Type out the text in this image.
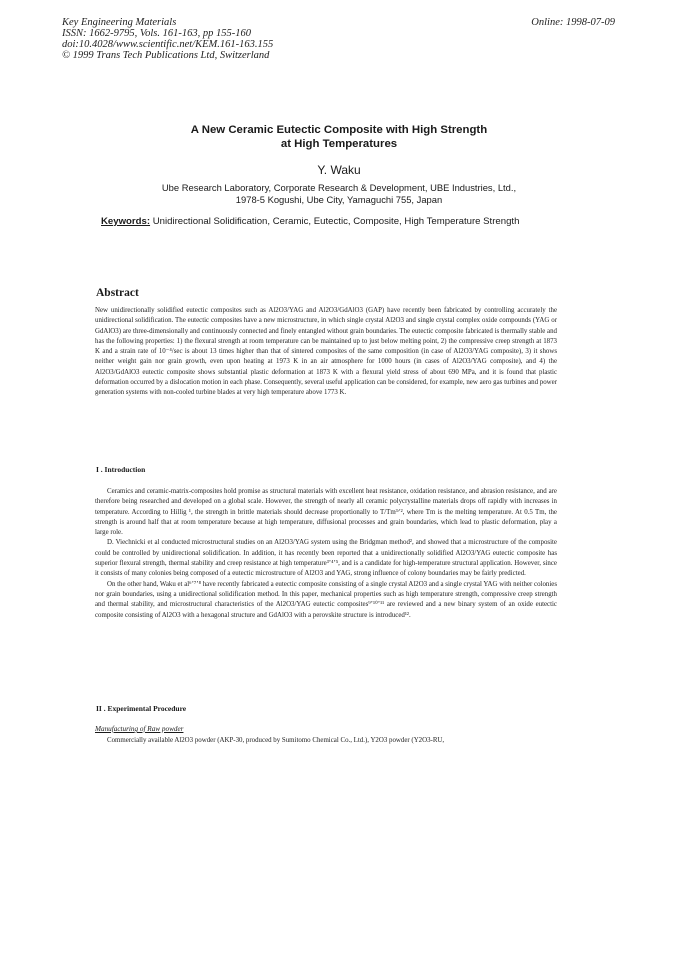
Key Engineering Materials
ISSN: 1662-9795, Vols. 161-163, pp 155-160
doi:10.4028/www.scientific.net/KEM.161-163.155
© 1999 Trans Tech Publications Ltd, Switzerland
Online: 1998-07-09
A New Ceramic Eutectic Composite with High Strength
at High Temperatures
Y. Waku
Ube Research Laboratory, Corporate Research & Development, UBE Industries, Ltd.,
1978-5 Kogushi, Ube City, Yamaguchi 755, Japan
Keywords: Unidirectional Solidification, Ceramic, Eutectic, Composite, High Temperature Strength
Abstract

New unidirectionally solidified eutectic composites such as Al2O3/YAG and Al2O3/GdAlO3 (GAP) have recently been fabricated by controlling accurately the unidirectional solidification. The eutectic composites have a new microstructure, in which single crystal Al2O3 and single crystal complex oxide compounds (YAG or GdAlO3) are three-dimensionally and continuously connected and finely entangled without grain boundaries. The eutectic composite fabricated is thermally stable and has the following properties: 1) the flexural strength at room temperature can be maintained up to just below melting point, 2) the compressive creep strength at 1873 K and a strain rate of 10⁻⁴/sec is about 13 times higher than that of sintered composites of the same composition (in case of Al2O3/YAG composite), 3) it shows neither weight gain nor grain growth, even upon heating at 1973 K in an air atmosphere for 1000 hours (in cases of Al2O3/YAG composite), and 4) the Al2O3/GdAlO3 eutectic composite shows substantial plastic deformation at 1873 K with a flexural yield stress of about 690 MPa, and it is found that plastic deformation occurred by a dislocation motion in each phase. Consequently, several useful application can be considered, for example, new aero gas turbines and power generation systems with non-cooled turbine blades at very high temperature above 1773 K.

I . Introduction

Ceramics and ceramic-matrix-composites hold promise as structural materials with excellent heat resistance, oxidation resistance, and abrasion resistance, and are therefore being researched and developed on a global scale. However, the strength of nearly all ceramic polycrystalline materials drops off rapidly with increases in temperature. According to Hillig ¹, the strength in brittle materials should decrease proportionally to T/Tm³ᐟ², where Tm is the melting temperature. At 0.5 Tm, the strength is around half that at room temperature because at high temperature, diffusional processes and grain boundaries, which lead to plastic deformation, play a large role.

D. Viechnicki et al conducted microstructural studies on an Al2O3/YAG system using the Bridgman method², and showed that a microstructure of the composite could be controlled by unidirectional solidification. In addition, it has recently been reported that a unidirectionally solidified Al2O3/YAG eutectic composite has superior flexural strength, thermal stability and creep resistance at high temperature³ʼ⁴ʼ⁵, and is a candidate for high-temperature structural application. However, since it consists of many colonies being composed of a eutectic microstructure of Al2O3 and YAG, strong influence of colony boundaries may be fairly predicted.

On the other hand, Waku et al⁶ʼ⁷ʼ⁸ have recently fabricated a eutectic composite consisting of a single crystal Al2O3 and a single crystal YAG with neither colonies nor grain boundaries, using a unidirectional solidification method. In this paper, mechanical properties such as high temperature strength, compressive creep strength and thermal stability, and microstructural characteristics of the Al2O3/YAG eutectic composites⁹ʼ¹⁰ʼ¹¹ are reviewed and a new binary system of an oxide eutectic composite consisting of Al2O3 with a hexagonal structure and GdAlO3 with a perovskite structure is introduced¹².

II . Experimental Procedure
Manufacturing of Raw powder

Commercially available Al2O3 powder (AKP-30, produced by Sumitomo Chemical Co., Ltd.), Y2O3 powder (Y2O3-RU,
